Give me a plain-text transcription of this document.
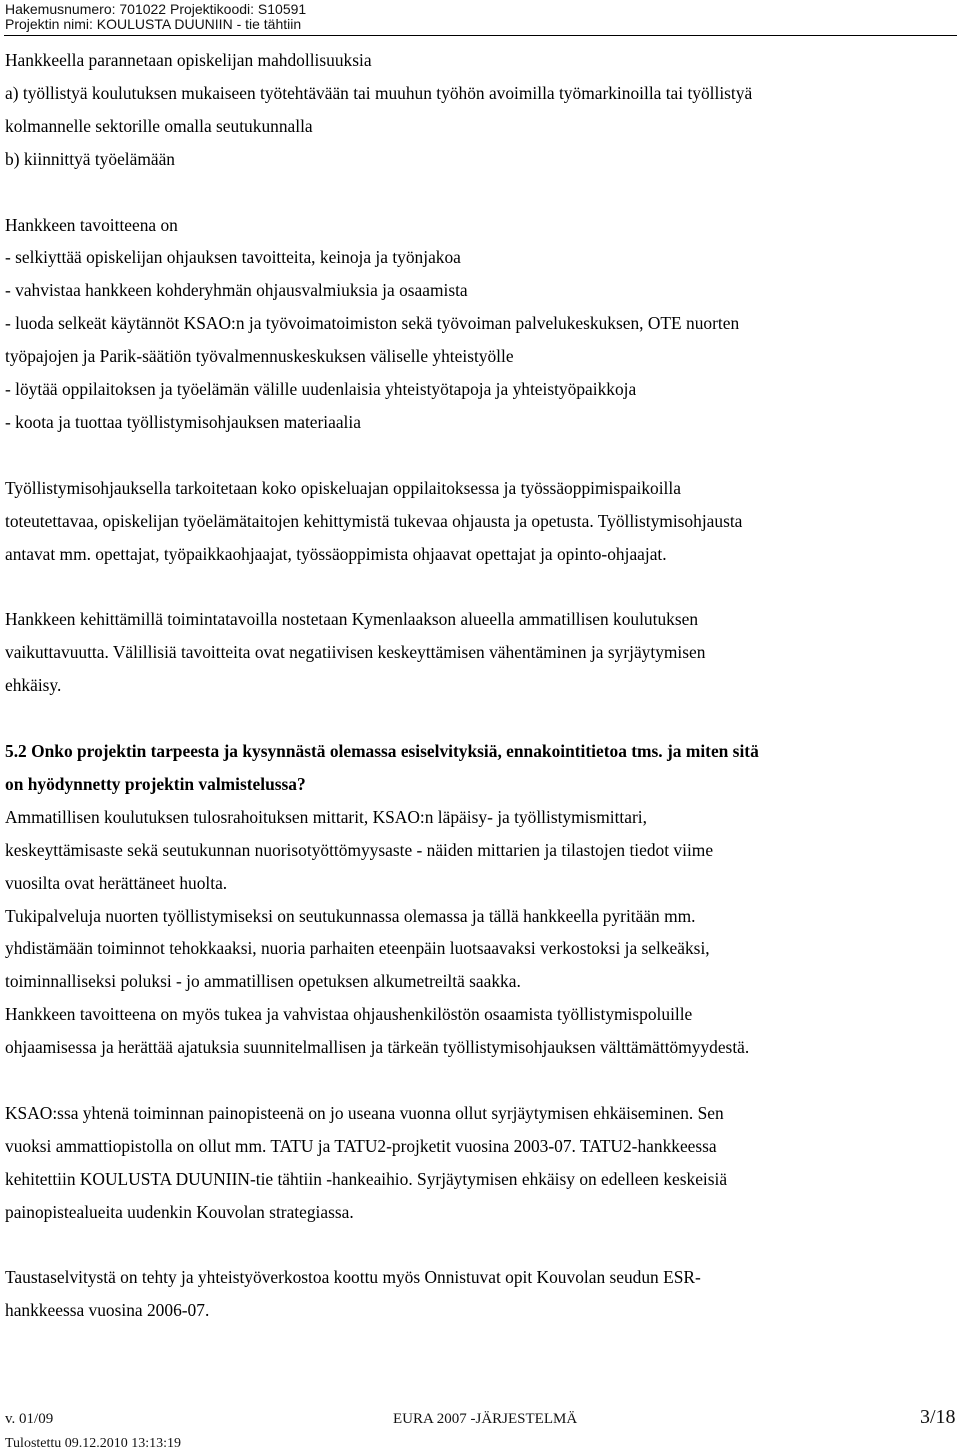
Hakemusnumero: 701022 Projektikoodi: S10591
Projektin nimi: KOULUSTA DUUNIIN - tie tähtiin

Hankkeella parannetaan opiskelijan mahdollisuuksia

a) työllistyä koulutuksen mukaiseen työtehtävään tai muuhun työhön avoimilla työmarkinoilla tai työllistyä

kolmannelle sektorille omalla seutukunnalla

b) kiinnittyä työelämään

Hankkeen tavoitteena on

- selkiyttää opiskelijan ohjauksen tavoitteita, keinoja ja työnjakoa

- vahvistaa hankkeen kohderyhmän ohjausvalmiuksia ja osaamista

- luoda selkeät käytännöt KSAO:n ja työvoimatoimiston sekä työvoiman palvelukeskuksen, OTE nuorten

työpajojen ja Parik-säätiön työvalmennuskeskuksen väliselle yhteistyölle

- löytää oppilaitoksen ja työelämän välille uudenlaisia yhteistyötapoja ja yhteistyöpaikkoja

- koota ja tuottaa työllistymisohjauksen materiaalia

Työllistymisohjauksella tarkoitetaan koko opiskeluajan oppilaitoksessa ja työssäoppimispaikoilla

toteutettavaa, opiskelijan työelämätaitojen kehittymistä tukevaa ohjausta ja opetusta. Työllistymisohjausta

antavat mm. opettajat, työpaikkaohjaajat, työssäoppimista ohjaavat opettajat ja opinto-ohjaajat.

Hankkeen kehittämillä toimintatavoilla nostetaan Kymenlaakson alueella ammatillisen koulutuksen

vaikuttavuutta. Välillisiä tavoitteita ovat negatiivisen keskeyttämisen vähentäminen ja syrjäytymisen

ehkäisy.

5.2 Onko projektin tarpeesta ja kysynnästä olemassa esiselvityksiä, ennakointitietoa tms. ja miten sitä

on hyödynnetty projektin valmistelussa?

Ammatillisen koulutuksen tulosrahoituksen mittarit, KSAO:n läpäisy- ja työllistymismittari,

keskeyttämisaste sekä seutukunnan nuorisotyöttömyysaste - näiden mittarien ja tilastojen tiedot viime

vuosilta ovat herättäneet huolta.

Tukipalveluja nuorten työllistymiseksi on seutukunnassa olemassa ja tällä hankkeella pyritään mm.

yhdistämään toiminnot tehokkaaksi, nuoria parhaiten eteenpäin luotsaavaksi verkostoksi ja selkeäksi,

toiminnalliseksi poluksi - jo ammatillisen opetuksen alkumetreiltä saakka.

Hankkeen tavoitteena on myös tukea ja vahvistaa ohjaushenkilöstön osaamista työllistymispoluille

ohjaamisessa ja herättää ajatuksia suunnitelmallisen ja tärkeän työllistymisohjauksen välttämättömyydestä.

KSAO:ssa yhtenä toiminnan painopisteenä on jo useana vuonna ollut syrjäytymisen ehkäiseminen. Sen

vuoksi ammattiopistolla on ollut mm. TATU ja TATU2-projketit vuosina 2003-07. TATU2-hankkeessa

kehitettiin KOULUSTA DUUNIIN-tie tähtiin -hankeaihio. Syrjäytymisen ehkäisy on edelleen keskeisiä

painopistealueita uudenkin Kouvolan strategiassa.

Taustaselvitystä on tehty ja yhteistyöverkostoa koottu myös Onnistuvat opit Kouvolan seudun ESR-

hankkeessa vuosina 2006-07.

v. 01/09	EURA 2007 -JÄRJESTELMÄ	3/18
Tulostettu 09.12.2010 13:13:19
